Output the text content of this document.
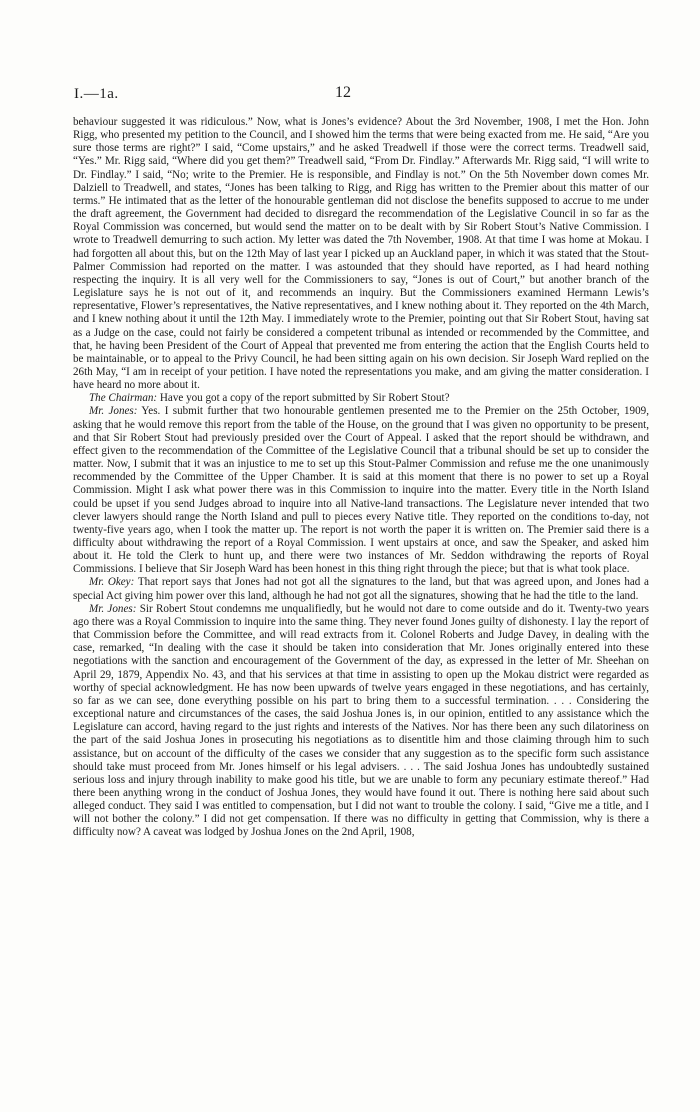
I.—1a.	12

behaviour suggested it was ridiculous.” Now, what is Jones’s evidence? About the 3rd November, 1908, I met the Hon. John Rigg, who presented my petition to the Council, and I showed him the terms that were being exacted from me. He said, “Are you sure those terms are right?” I said, “Come upstairs,” and he asked Treadwell if those were the correct terms. Treadwell said, “Yes.” Mr. Rigg said, “Where did you get them?” Treadwell said, “From Dr. Findlay.” Afterwards Mr. Rigg said, “I will write to Dr. Findlay.” I said, “No; write to the Premier. He is responsible, and Findlay is not.” On the 5th November down comes Mr. Dalziell to Treadwell, and states, “Jones has been talking to Rigg, and Rigg has written to the Premier about this matter of our terms.” He intimated that as the letter of the honourable gentleman did not disclose the benefits supposed to accrue to me under the draft agreement, the Government had decided to disregard the recommendation of the Legislative Council in so far as the Royal Commission was concerned, but would send the matter on to be dealt with by Sir Robert Stout’s Native Commission. I wrote to Treadwell demurring to such action. My letter was dated the 7th November, 1908. At that time I was home at Mokau. I had forgotten all about this, but on the 12th May of last year I picked up an Auckland paper, in which it was stated that the Stout-Palmer Commission had reported on the matter. I was astounded that they should have reported, as I had heard nothing respecting the inquiry. It is all very well for the Commissioners to say, “Jones is out of Court,” but another branch of the Legislature says he is not out of it, and recommends an inquiry. But the Commissioners examined Hermann Lewis’s representative, Flower’s representatives, the Native representatives, and I knew nothing about it. They reported on the 4th March, and I knew nothing about it until the 12th May. I immediately wrote to the Premier, pointing out that Sir Robert Stout, having sat as a Judge on the case, could not fairly be considered a competent tribunal as intended or recommended by the Committee, and that, he having been President of the Court of Appeal that prevented me from entering the action that the English Courts held to be maintainable, or to appeal to the Privy Council, he had been sitting again on his own decision. Sir Joseph Ward replied on the 26th May, “I am in receipt of your petition. I have noted the representations you make, and am giving the matter consideration. I have heard no more about it.

The Chairman: Have you got a copy of the report submitted by Sir Robert Stout?

Mr. Jones: Yes. I submit further that two honourable gentlemen presented me to the Premier on the 25th October, 1909, asking that he would remove this report from the table of the House, on the ground that I was given no opportunity to be present, and that Sir Robert Stout had previously presided over the Court of Appeal. I asked that the report should be withdrawn, and effect given to the recommendation of the Committee of the Legislative Council that a tribunal should be set up to consider the matter. Now, I submit that it was an injustice to me to set up this Stout-Palmer Commission and refuse me the one unanimously recommended by the Committee of the Upper Chamber. It is said at this moment that there is no power to set up a Royal Commission. Might I ask what power there was in this Commission to inquire into the matter. Every title in the North Island could be upset if you send Judges abroad to inquire into all Native-land transactions. The Legislature never intended that two clever lawyers should range the North Island and pull to pieces every Native title. They reported on the conditions to-day, not twenty-five years ago, when I took the matter up. The report is not worth the paper it is written on. The Premier said there is a difficulty about withdrawing the report of a Royal Commission. I went upstairs at once, and saw the Speaker, and asked him about it. He told the Clerk to hunt up, and there were two instances of Mr. Seddon withdrawing the reports of Royal Commissions. I believe that Sir Joseph Ward has been honest in this thing right through the piece; but that is what took place.

Mr. Okey: That report says that Jones had not got all the signatures to the land, but that was agreed upon, and Jones had a special Act giving him power over this land, although he had not got all the signatures, showing that he had the title to the land.

Mr. Jones: Sir Robert Stout condemns me unqualifiedly, but he would not dare to come outside and do it. Twenty-two years ago there was a Royal Commission to inquire into the same thing. They never found Jones guilty of dishonesty. I lay the report of that Commission before the Committee, and will read extracts from it. Colonel Roberts and Judge Davey, in dealing with the case, remarked, “In dealing with the case it should be taken into consideration that Mr. Jones originally entered into these negotiations with the sanction and encouragement of the Government of the day, as expressed in the letter of Mr. Sheehan on April 29, 1879, Appendix No. 43, and that his services at that time in assisting to open up the Mokau district were regarded as worthy of special acknowledgment. He has now been upwards of twelve years engaged in these negotiations, and has certainly, so far as we can see, done everything possible on his part to bring them to a successful termination. . . . Considering the exceptional nature and circumstances of the cases, the said Joshua Jones is, in our opinion, entitled to any assistance which the Legislature can accord, having regard to the just rights and interests of the Natives. Nor has there been any such dilatoriness on the part of the said Joshua Jones in prosecuting his negotiations as to disentitle him and those claiming through him to such assistance, but on account of the difficulty of the cases we consider that any suggestion as to the specific form such assistance should take must proceed from Mr. Jones himself or his legal advisers. . . . The said Joshua Jones has undoubtedly sustained serious loss and injury through inability to make good his title, but we are unable to form any pecuniary estimate thereof.” Had there been anything wrong in the conduct of Joshua Jones, they would have found it out. There is nothing here said about such alleged conduct. They said I was entitled to compensation, but I did not want to trouble the colony. I said, “Give me a title, and I will not bother the colony.” I did not get compensation. If there was no difficulty in getting that Commission, why is there a difficulty now? A caveat was lodged by Joshua Jones on the 2nd April, 1908,
